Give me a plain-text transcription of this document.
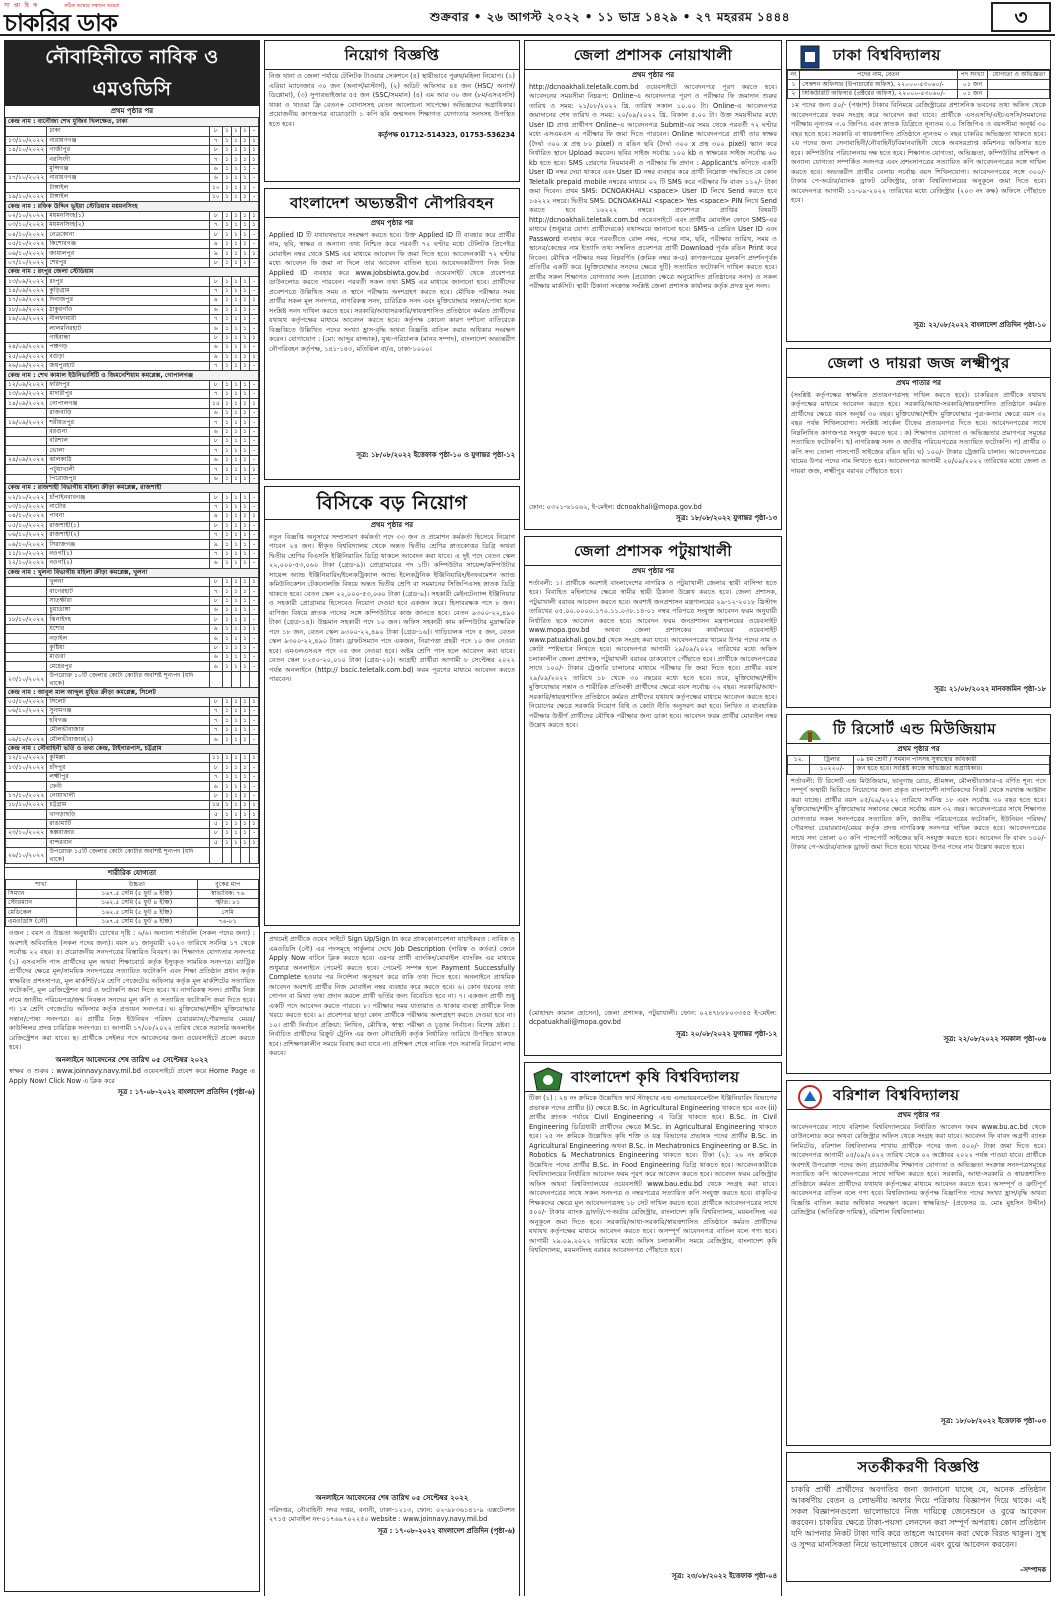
সা প্তা হি ক	সঠিক তথ্যের সন্ধানে আমরা
চাকরির ডাক	শুক্রবার • ২৬ আগস্ট ২০২২ • ১১ ভাদ্র ১৪২৯ • ২৭ মহররম ১৪৪৪	৩
নৌবাহিনীতে নাবিক ও এমওডিসি
প্রথম পৃষ্ঠার পর
কেন্দ্র নাম : বানৌজা শেখ মুজিব খিলক্ষেত, ঢাকা						
	ঢাকা	৮	১	১	১	-
১৩/১০/২০২২	নারায়ণগঞ্জ	৭	১	১	১	১
১৪/১০/২০২২	গাজীপুর	৮	১	১	১	১
	নরসিংদী	৭	১	১	১	১
	মুন্সিগঞ্জ	৬	১	১	১	-
১৭/১০/২০২২	নারায়ণগঞ্জ	৬	১	১	১	-
	টাঙ্গাইল	১০	১	১	১	-
১৯/১০/২০২২	টাঙ্গাইল	১০	১	১	১	-
কেন্দ্র নাম : রফিক উদ্দিন ভূইয়া স্টেডিয়াম ময়মনসিংহ						
০২/১০/২০২২	ময়মনসিংহ(১)	৮	১	১	১	১
০৩/১০/২০২২	ময়মনসিংহ(২)	৭	১	১	১	১
০৪/১০/২০২২	নেত্রকোনা	৮	১	১	১	-
০৫/১০/২০২২	কিশোরগঞ্জ	৯	১	১	১	-
০৬/১০/২০২২	জামালপুর	৯	১	১	১	১
০৭/১০/২০২২	শেরপুর	৮	১	১	১	-
কেন্দ্র নাম : রংপুর জেলা স্টেডিয়াম						
১৩/০৯/২০২২	রংপুর	৮	১	১	১	-
১৪/০৯/২০২২	কুড়িগ্রাম	৭	১	১	১	-
১৭/০৯/২০২২	দিনাজপুর	৯	১	১	১	১
১৮/০৯/২০২২	ঠাকুরগাঁও	৬	১	১	১	-
১৯/০৯/২০২২	নীলফামারী	৭	১	১	১	-
	লালমনিরহাট	৬	১	১	১	-
	গাইবান্ধা	৮	১	১	১	১
২৪/০৯/২০২২	পঞ্চগড়	৬	১	১	১	-
২৫/০৯/২০২২	বগুড়া	৯	১	১	১	১
২৬/০৯/২০২২	জয়পুরহাট	৭	১	১	১	-
কেন্দ্র নাম : শেখ কামাল ইউনিভার্সিটি ও জিমনেশিয়াম কমপ্লেক্স, গোপালগঞ্জ						
১২/০৯/২০২২	ফরিদপুর	৮	১	১	১	-
১৩/০৯/২০২২	মাদারীপুর	৭	১	১	১	-
১৪/০৯/২০২২	গোপালগঞ্জ	১৫	১	১	১	১
	রাজবাড়ি	৬	১	১	১	-
১৯/০৯/২০২২	শরীয়তপুর	৭	১	১	১	-
	বরগুনা	৬	১	১	১	-
	বরিশাল	৮	১	১	১	-
	ভোলা	৭	১	১	১	-
২৪/০৯/২০২২	ঝালকাঠি	৬	১	১	১	-
	পটুয়াখালী	৭	১	১	১	১
	পিরোজপুর	৬	১	১	১	-
কেন্দ্র নাম : রাজশাহী বিভাগীয় মহিলা ক্রীড়া কমপ্লেক্স, রাজশাহী						
০২/১০/২০২২	চাঁপাইনবাবগঞ্জ	৮	১	১	১	-
০৩/১০/২০২২	নাটোর	৭	১	১	১	-
০৪/১০/২০২২	পাবনা	৯	১	১	১	১
০৫/১০/২০২২	রাজশাহী(১)	৮	১	১	১	-
০৬/১০/২০২২	রাজশাহী(২)	৭	১	১	১	-
০৯/১০/২০২২	সিরাজগঞ্জ	৯	১	১	১	-
১১/১০/২০২২	নওগাঁ(১)	৭	১	১	১	-
১২/১০/২০২২	নওগাঁ(২)	৬	১	১	১	-
কেন্দ্র নাম : খুলনা বিভাগীয় মহিলা ক্রীড়া কমপ্লেক্স, খুলনা						
	খুলনা	৮	১	১	১	১
	বাগেরহাট	৭	১	১	১	-
	সাতক্ষীরা	৮	১	১	১	-
	চুয়াডাঙ্গা	৬	১	১	১	-
১৮/১০/২০২২	ঝিনাইদহ	৮	১	১	১	-
	যশোর	৯	১	১	১	১
	নড়াইল	৬	১	১	১	-
	কুষ্টিয়া	৮	১	১	১	-
	মাগুরা	৬	১	১	১	-
	মেহেরপুর	৬	১	১	১	-
২৩/১০/২০২২	উপরোক্ত ১০টি জেলার কোটা কোটার অবশিষ্ট শূন্যপদ (যদি থাকে)					
কেন্দ্র নাম : আবুল মাল আব্দুল মুহিত ক্রীড়া কমপ্লেক্স, সিলেট						
০৫/১০/২০২২	সিলেট	৮	১	১	১	১
০৬/১০/২০২২	সুনামগঞ্জ	৭	১	১	১	-
	হবিগঞ্জ	৭	১	১	১	-
	মৌলভীবাজার	৭	১	১	১	-
০৯/১০/২০২২	মৌলভীবাজার(২)	৬	১	১	১	-
কেন্দ্র নাম : নৌবাহিনী ভর্তি ও তথ্য কেন্দ্র, টাইগারপাস, চট্টগ্রাম						
১২/১০/২০২২	কুমিল্লা	১১	১	১	১	১
১৩/১০/২০২২	চাঁদপুর	৮	১	১	১	-
	লক্ষ্মীপুর	৭	১	১	১	-
	ফেনী	৬	১	১	১	-
১৭/১০/২০২২	নোয়াখালী	৮	১	১	১	-
১৮/১০/২০২২	চট্টগ্রাম	১৪	১	১	১	১
	খাগড়াছড়ি	৫	১	১	১	১
	রাঙামাটি	৫	১	১	১	১
২৩/১০/২০২২	কক্সবাজার	৮	১	১	১	-
	বান্দরবান	৫	১	১	১	১
২৬/১০/২০২২	উপরোক্ত ১৫টি জেলার কোটা কোটার অবশিষ্ট শূন্যপদ (যদি থাকে)					
শারীরিক যোগ্যতা
শাখা	উচ্চতা	বুকের মাপ
সিম্যান	১৬৭.৫ সেমি (৫ ফুট ৬ ইঞ্চি)	স্বাভাবিক: ৭৬
স্টোরম্যান	১৬২.৫ সেমি (৫ ফুট ৪ ইঞ্চি)	স্ফীত: ৮১
মেডিকেল	১৬২.৫ সেমি (৫ ফুট ৪ ইঞ্চি)	সেমি
এমওডিসি (নৌ)	১৬৭.৫ সেমি (৫ ফুট ৬ ইঞ্চি)	৭৬-৮১
ওজন : বয়স ও উচ্চতা অনুযায়ী। চোখের দৃষ্টি : ৬/৬। অন্যান্য শর্তাবলি (সকল পদের জন্য) : অবশ্যই অবিবাহিত (সকল পদের জন্য)। বয়স ০১ জানুয়ারী ২০২৩ তারিখে সর্বনিম্ন ১৭ থেকে সর্বোচ্চ ২২ বছর। ৫। প্রয়োজনীয় সনদপত্রের বিস্তারিত বিবরণ। ক। শিক্ষাগত যোগ্যতার সনদপত্র (১) এসএসসি পাস প্রার্থীদের মূল অথবা শিক্ষাবোর্ড কর্তৃক ইস্যুকৃত সাময়িক সনদপত্র। ম্যাট্রিক প্রার্থীদের ক্ষেত্রে মূল/সাময়িক সনদপত্রের সত্যায়িত ফটোকপি এবং শিক্ষা প্রতিষ্ঠান প্রধান কর্তৃক স্বাক্ষরিত প্রশংসাপত্র, মূল মার্কশিট/১ম শ্রেণি গেজেটেড অফিসার কর্তৃক মূল মার্কশিটের সত্যায়িত ফটোকপি, মূল রেজিস্ট্রেশন কার্ড ও ফটোকপি জমা দিতে হবে। খ। নাগরিকত্ব সনদ। প্রার্থীর নিজ নামে জাতীয় পরিচয়পত্র/জন্ম নিবন্ধন সনদের মূল কপি ও সত্যায়িত ফটোকপি জমা দিতে হবে। গ। ১ম শ্রেণি গেজেটেড অফিসার কর্তৃক প্রত্যয়ন সনদপত্র। ঘ। মুক্তিযোদ্ধা/শহীদ মুক্তিযোদ্ধার সন্তান/পোষ্য সনদপত্র। ঙ। প্রার্থীর নিজ ইউনিয়ন পরিষদ চেয়ারম্যান/পৌরসভার মেয়র/কাউন্সিলর প্রদত্ত চারিত্রিক সনদপত্র। চ। আগামী ১৭/০৮/২০২২ তারিখ থেকে সরাসরি অনলাইন রেজিস্ট্রেশন করা যাবে। ছ। প্রার্থীকে সেইলর পদে আবেদনের জন্য ওয়েবসাইটে প্রবেশ করতে হবে।
অনলাইনে আবেদনের শেষ তারিখ ০৫ সেপ্টেম্বর ২০২২
স্বাক্ষর ও শুরুর : www.joinnavy.navy.mil.bd ওয়েবসাইটে প্রবেশ করে Home Page এ Apply Now! Click Now এ ক্লিক করে
সূত্র : ১৭-০৮-২০২২ বাংলাদেশ প্রতিদিন (পৃষ্ঠা-৬)
নিয়োগ বিজ্ঞপ্তি
নিজ থানা ও জেলা পর্যায়ে টেলিটক টাওয়ার সেকশনে (৪) স্থায়ীভাবে পুরুষ/মহিলা নিয়োগ। (১) এরিয়া ম্যানেজার ৩০ জন (অনার্স/মাস্টার্স), (২) অডিট অফিসার ৪৫ জন (HSC/ অনার্স/ ডিপ্লোমা), (৩) সুপারভাইজার ৫৫ জন (SSC/সমমান) (৪) এম আর ৩০ জন (৮ম/এসএসসি) থাকা ও খাওয়া ফ্রি বেতন+ বোনাসসহ বেতন আলোচনা সাপেক্ষে। অভিজ্ঞদের অগ্রাধিকার। প্রয়োজনীয় কাগজপত্র বায়োডাটা ১ কপি ছবি জন্মসনদ শিক্ষাগত যোগ্যতার সনদসহ উপস্থিত হতে হবে।
কর্তৃপক্ষ 01712-514323, 01753-536234
বাংলাদেশ অভ্যন্তরীণ নৌপরিবহন
প্রথম পৃষ্ঠার পর
Applied ID টি যথাযথভাবে সংরক্ষণ করতে হবে। উক্ত Applied ID টি ব্যবহার করে প্রার্থীর নাম, ছবি, স্বাক্ষর ও অন্যান্য তথ্য নিশ্চিত করে পরবর্তী ৭২ ঘণ্টার মধ্যে টেলিটক প্রিপেইড মোবাইল নম্বর থেকে SMS এর মাধ্যমে আবেদন ফি জমা দিতে হবে। আবেদনকারী ৭২ ঘণ্টার মধ্যে আবেদন ফি জমা না দিলে তার আবেদন বাতিল হবে। আবেদনকারীগণ নিজ নিজ Applied ID ব্যবহার করে www.jobsbiwta.gov.bd ওয়েবসাইট থেকে প্রবেশপত্র ডাউনলোড করতে পারবেন। পরবর্তী সকল তথ্য SMS এর মাধ্যমে জানানো হবে। প্রার্থীদের প্রবেশপত্রে উল্লিখিত সময় ও স্থানে পরীক্ষায় অংশগ্রহণ করতে হবে। মৌখিক পরীক্ষার সময় প্রার্থীর সকল মূল সনদপত্র, নাগরিকত্ব সনদ, চারিত্রিক সনদ এবং মুক্তিযোদ্ধার সন্তান/পোষ্য হলে সংশ্লিষ্ট সনদ দাখিল করতে হবে। সরকারি/আধাসরকারি/স্বায়ত্তশাসিত প্রতিষ্ঠানে কর্মরত প্রার্থীদের যথাযথ কর্তৃপক্ষের মাধ্যমে আবেদন করতে হবে। কর্তৃপক্ষ কোনো কারণ দর্শানো ব্যতিরেকে বিজ্ঞপ্তিতে উল্লিখিত পদের সংখ্যা হ্রাস-বৃদ্ধি অথবা বিজ্ঞপ্তি বাতিল করার অধিকার সংরক্ষণ করেন। যোগাযোগ : (মো: আব্দুর রাজ্জাক), যুগ্ম-পরিচালক (মানব সম্পদ), বাংলাদেশ অভ্যন্তরীণ নৌপরিবহন কর্তৃপক্ষ, ১৪১-১৪৩, মতিঝিল বা/এ, ঢাকা-১০০০।
সূত্র: ১৮/০৮/২০২২ ইত্তেফাক পৃষ্ঠা-১০ ও যুগান্তর পৃষ্ঠা-১২
বিসিকে বড় নিয়োগ
প্রথম পৃষ্ঠার পর
নতুন বিজ্ঞপ্তি অনুসারে সম্প্রসারণ কর্মকর্তা পদে ৩৩ জন ও প্রমোশন কর্মকর্তা হিসেবে নিয়োগ পাবেন ২৪ জন। স্বীকৃত বিশ্ববিদ্যালয় থেকে অন্তত দ্বিতীয় শ্রেণির স্নাতকোত্তর ডিগ্রি অথবা দ্বিতীয় শ্রেণির বিএসসি ইঞ্জিনিয়ারিং ডিগ্রি থাকলে আবেদন করা যাবে। এ দুই পদে বেতন স্কেল ২২,০০০-৫৩,০৬০ টাকা (গ্রেড-৯)। প্রোগ্রামারের পদ ১টি। কম্পিউটার সায়েন্স/কম্পিউটার সায়েন্স অ্যান্ড ইঞ্জিনিয়ারিং/ইলেকট্রিক্যাল অ্যান্ড ইলেকট্রনিক ইঞ্জিনিয়ারিং/ইনফরমেশন অ্যান্ড কমিউনিকেশন টেকনোলজি বিষয়ে অন্তত দ্বিতীয় শ্রেণি বা সমমানের সিজিপিএসহ স্নাতক ডিগ্রি থাকতে হবে। বেতন স্কেল ২২,০০০-৫৩,০৬০ টাকা (গ্রেড-৯)। সহকারী মেইনটেন্যান্স ইঞ্জিনিয়ার ও সহকারী প্রোগ্রামার হিসেবেও নিয়োগ দেওয়া হবে একজন করে। হিসাবরক্ষক পদে ৮ জন। বাণিজ্য বিষয়ে স্নাতক পাসের সঙ্গে কম্পিউটারে কাজ জানতে হবে। বেতন ৯৩০০-২২,৪৯০ টাকা (গ্রেড-১৪)। উচ্চমান সহকারী পদে ১০ জন। অফিস সহকারী কাম কম্পিউটার মুদ্রাক্ষরিক পদে ১৮ জন, বেতন স্কেল ৯৩০০-২২,৪৯০ টাকা (গ্রেড-১৬)। গাড়িচালক পদে ৫ জন, বেতন স্কেল ৯৩০০-২২,৪৯০ টাকা। ড্রাফটসম্যান পদে একজন, নিরাপত্তা প্রহরী পদে ১০ জন নেওয়া হবে। এমএলএসএস পদে ৩৫ জন নেওয়া হবে। অষ্টম শ্রেণি পাস হলে আবেদন করা যাবে। বেতন স্কেল ৮২৫০-২০,০১০ টাকা (গ্রেড-২০)। আগ্রহী প্রার্থীরা আগামী ৮ সেপ্টেম্বর ২০২২ পর্যন্ত অনলাইনে (http:// bscic.teletalk.com.bd) ফরম পূরণের মাধ্যমে আবেদন করতে পারবেন।
প্রথমেই প্রার্থীকে ওয়েব সাইটে Sign Up/Sign In করে প্রাককোনাবেশনা যাচাইকরত : নাবিক ও এমওডিসি (নৌ) এর পদসমূহে সার্কুলার দেখে Job Description (দায়িত্ব ও কর্তব্য) জেনে Apply Now বাটনে ক্লিক করতে হবে। এরপর প্রার্থী ব্যাংকিং/মোবাইল ব্যাংকিং এর মাধ্যমে শুধুমাত্র অনলাইনে পেমেন্ট করতে হবে। পেমেন্ট সম্পন্ন হলে Payment Successfully Complete হওয়ার পর নির্দেশনা অনুসরণ করে বাকি তথ্য দিতে হবে। অনলাইনে প্রাথমিক আবেদন অবশ্যই প্রার্থীর নিজ মোবাইল নম্বর ব্যবহার করে করতে হবে। ৬। কোন ধরনের তথ্য গোপন বা মিথ্যা তথ্য প্রদান করলে প্রার্থী ভর্তির জন্য বিবেচিত হবে না। ৭। একজন প্রার্থী শুধু একটি পদে আবেদন করতে পারবে। ৮। পরীক্ষার সময় যাতায়াত ও থাকার ব্যবস্থা প্রার্থীকে নিজ খরচে করতে হবে। ৯। প্রবেশপত্র ছাড়া কোন প্রার্থীকে পরীক্ষায় অংশগ্রহণ করতে দেওয়া হবে না। ১০। প্রার্থী নির্বাচন প্রক্রিয়া: লিখিত, মৌখিক, স্বাস্থ্য পরীক্ষা ও চূড়ান্ত নির্বাচন। বিশেষ দ্রষ্টব্য : নির্বাচিত প্রার্থীদের রিক্রুট ট্রেনিং এর জন্য নৌবাহিনী কর্তৃক নির্ধারিত তারিখে উপস্থিত থাকতে হবে। প্রশিক্ষণকালীন সময়ে বিবাহ করা যাবে না। প্রশিক্ষণ শেষে নাবিক পদে সরাসরি নিয়োগ লাভ করবে।
অনলাইনে আবেদনের শেষ তারিখ ০৫ সেপ্টেম্বর ২০২২
পরিদপ্তর, নৌবাহিনী সদর দপ্তর, বনানী, ঢাকা-১২১৩, ফোন: ০২-৯৮৩৬১৪১-৯ এক্সটেনশন ২৭১৫ মোবাইল নং-০১৭৬৯৭০২২৫০ website : www.joinnavy.navy.mil.bd
সূত্র : ১৭-০৮-২০২২ বাংলাদেশ প্রতিদিন (পৃষ্ঠা-৬)
জেলা প্রশাসক নোয়াখালী
প্রথম পৃষ্ঠার পর
http://dcnoakhali.teletalk.com.bd ওয়েবসাইটে আবেদনপত্র পূরণ করতে হবে। আবেদনের সময়সীমা নিম্নরূপ: Online-এ আবেদনপত্র পূরণ ও পরীক্ষার ফি জমাদান শুরুর তারিখ ও সময়: ২১/০৮/২০২২ খ্রি. তারিখ সকাল ১০.০০ টা। Online-এ আবেদনপত্র জমাদানের শেষ তারিখ ও সময়: ২০/০৯/২০২২ খ্রি. বিকাল ৫.০০ টা। উক্ত সময়সীমার মধ্যে User ID প্রাপ্ত প্রার্থীগণ Online-এ আবেদনপত্র Submit-এর সময় থেকে পরবর্তী ৭২ ঘণ্টার মধ্যে এসএমএস এ পরীক্ষার ফি জমা দিতে পারবেন। Online আবেদনপত্রে প্রার্থী তার স্বাক্ষর (দৈর্ঘ্য ৩০০ x প্রস্থ ৮০ pixel) ও রঙিন ছবি (দৈর্ঘ্য ৩০০ x প্রস্থ ৩০০ pixel) স্ক্যান করে নির্ধারিত স্থানে Upload করবেন। ছবির সাইজ সর্বোচ্চ ১০০ kb ও স্বাক্ষরের সাইজ সর্বোচ্চ ৬০ kb হতে হবে। SMS প্রেরণের নিয়মাবলী ও পরীক্ষার ফি প্রদান : Applicant's কপিতে একটি User ID নম্বর দেয়া থাকবে এবং User ID নম্বর ব্যবহার করে প্রার্থী নিম্নোক্ত পদ্ধতিতে যে কোন Teletalk prepaid mobile নম্বরের মাধ্যমে ০২ টি SMS করে পরীক্ষার ফি বাবদ ১১২/- টাকা জমা দিবেন। প্রথম SMS: DCNOAKHALI <space> User ID লিখে Send করতে হবে ১৬২২২ নম্বরে। দ্বিতীয় SMS: DCNOAKHALI <space> Yes <space> PIN লিখে Send করতে হবে ১৬২২২ নম্বরে। প্রবেশপত্র প্রাপ্তির বিষয়টি http://dcnoakhali.teletalk.com.bd ওয়েবসাইটে এবং প্রার্থীর মোবাইল ফোনে SMS-এর মাধ্যমে (শুধুমাত্র যোগ্য প্রার্থীদেরকে) যথাসময়ে জানানো হবে। SMS-এ প্রেরিত User ID এবং Password ব্যবহার করে পরবর্তীতে রোল নম্বর, পদের নাম, ছবি, পরীক্ষার তারিখ, সময় ও স্থানের/কেন্দ্রের নাম ইত্যাদি তথ্য সম্বলিত প্রবেশপত্র প্রার্থী Download পূর্বক রঙিন Print করে নিবেন। মৌখিক পরীক্ষার সময় নিম্নবর্ণিত (ক্রমিক নম্বর ক-ড) কাগজপত্রের মূলকপি প্রদর্শনপূর্বক প্রতিটির একটি করে (মুক্তিযোদ্ধার সনদের ক্ষেত্রে দুটি) সত্যায়িত ফটোকপি দাখিল করতে হবে। প্রার্থীর সকল শিক্ষাগত যোগ্যতার সনদ (প্রযোজ্য ক্ষেত্রে অনুমোদিত প্রতিষ্ঠানের সনদ) ও সকল পরীক্ষার মার্কসিট। স্থায়ী ঠিকানা সংক্রান্ত সংশ্লিষ্ট জেলা প্রশাসক কার্যালয় কর্তৃক প্রদত্ত মূল সনদ।
ফোন: ০৩২১-৬১০৬২, ই-মেইল: dcnoakhali@mopa.gov.bd
সূত্র: ১৮/০৮/২০২২ যুগান্তর পৃষ্ঠা-১৩
জেলা প্রশাসক পটুয়াখালী
প্রথম পৃষ্ঠার পর
শর্তাবলী: ১। প্রার্থীকে অবশ্যই বাংলাদেশের নাগরিক ও পটুয়াখালী জেলার স্থায়ী বাসিন্দা হতে হবে। বিবাহিত মহিলাদের ক্ষেত্রে স্বামীর স্থায়ী ঠিকানা উল্লেখ করতে হবে। জেলা প্রশাসক, পটুয়াখালী বরাবর আবেদন করতে হবে। অবশ্যই জনপ্রশাসন মন্ত্রণালয়ের ২৯-১২-২০১৮ খ্রিস্টাব্দ তারিখের ০৫.০০.০০০০.১৭০.১১.০৩৮.১৪-০১ নম্বর পরিপত্রে সংযুক্ত আবেদন ফরম অনুযায়ী নির্ধারিত ছকে আবেদন করতে হবে। আবেদন ফরম জনপ্রশাসন মন্ত্রণালয়ের ওয়েবসাইট www.mopa.gov.bd অথবা জেলা প্রশাসকের কার্যালয়ের ওয়েবসাইট www.patuakhali.gov.bd থেকে সংগ্রহ করা যাবে। আবেদনপত্রের খামের উপর পদের নাম ও কোটা স্পষ্টভাবে লিখতে হবে। আবেদনপত্র আগামী ২৯/০৯/২০২২ তারিখের মধ্যে অফিস চলাকালীন জেলা প্রশাসক, পটুয়াখালী বরাবর ডাকযোগে পৌঁছাতে হবে। প্রার্থীকে আবেদনপত্রের সাথে ১০০/- টাকার ট্রেজারি চালানের মাধ্যমে পরীক্ষার ফি জমা দিতে হবে। প্রার্থীর বয়স ২৯/০৯/২০২২ তারিখে ১৮ থেকে ৩০ বছরের মধ্যে হতে হবে। তবে, মুক্তিযোদ্ধা/শহীদ মুক্তিযোদ্ধার সন্তান ও শারীরিক প্রতিবন্ধী প্রার্থীদের ক্ষেত্রে বয়স সর্বোচ্চ ৩২ বছর। সরকারি/আধা-সরকারি/স্বায়ত্তশাসিত প্রতিষ্ঠানে কর্মরত প্রার্থীদের যথাযথ কর্তৃপক্ষের মাধ্যমে আবেদন করতে হবে। নিয়োগের ক্ষেত্রে সরকারি নিয়োগ বিধি ও কোটা নীতি অনুসরণ করা হবে। লিখিত ও ব্যবহারিক পরীক্ষার উত্তীর্ণ প্রার্থীদের মৌখিক পরীক্ষার জন্য ডাকা হবে। আবেদন ফরম প্রার্থীর মোবাইল নম্বর উল্লেখ করতে হবে।
(মোহাম্মদ কামাল হোসেন), জেলা প্রশাসক, পটুয়াখালী। ফোন: ০২৪৭৮৮৮০৩৩৫৫ ই-মেইল: dcpatuakhali@mopa.gov.bd
সূত্র: ২০/০৮/২০২২ যুগান্তর পৃষ্ঠা-১২
বাংলাদেশ কৃষি বিশ্ববিদ্যালয়
টিকা (১) : ২৪ নং ক্রমিকে উল্লেখিত ফার্ম স্টাক্চার এন্ড এনভায়রনমেন্টাল ইঞ্জিনিয়ারিং বিভাগের প্রভাষক পদের প্রার্থীর (i) ক্ষেত্রে B.Sc. in Agricultural Engineering থাকতে হবে এবং (ii) প্রার্থীর স্নাতক পর্যায়ে Civil Engineering এ ডিগ্রি থাকতে হবে। B.Sc. in Civil Engineering ডিগ্রিধারী প্রার্থীদের ক্ষেত্রে M.Sc. in Agricultural Engineering থাকতে হবে। ২৫ নং ক্রমিকে উল্লেখিত কৃষি শক্তি ও যন্ত্র বিভাগের প্রভাষক পদের প্রার্থীর B.Sc. in Agricultural Engineering অথবা B.Sc. in Mechatronics Engineering or B.Sc. in Robotics & Mechatronics Engineering থাকতে হবে। টিকা (২): ২৬ নং ক্রমিকে উল্লেখিত পদের প্রার্থীর B.Sc. in Food Engineering ডিগ্রি থাকতে হবে। আবেদনকারীকে বিশ্ববিদ্যালয়ের নির্ধারিত আবেদন ফরম পূরণ করে আবেদন করতে হবে। আবেদন ফরম রেজিস্ট্রার অফিস অথবা বিশ্ববিদ্যালয়ের ওয়েবসাইট www.bau.edu.bd থেকে সংগ্রহ করা যাবে। আবেদনপত্রের সাথে সকল সনদপত্র ও নম্বরপত্রের সত্যায়িত কপি সংযুক্ত করতে হবে। বাকৃবি-র শিক্ষকদের ক্ষেত্রে মূল আবেদনপত্রসহ ১৮ সেট দাখিল করতে হবে। প্রার্থীকে আবেদনপত্রের সাথে ৫০০/- টাকার ব্যাংক ড্রাফট/পে-অর্ডার রেজিস্ট্রার, বাংলাদেশ কৃষি বিশ্ববিদ্যালয়, ময়মনসিংহ এর অনুকূলে জমা দিতে হবে। সরকারি/আধা-সরকারি/স্বায়ত্তশাসিত প্রতিষ্ঠানে কর্মরত প্রার্থীদের যথাযথ কর্তৃপক্ষের মাধ্যমে আবেদন করতে হবে। অসম্পূর্ণ আবেদনপত্র বাতিল বলে গণ্য হবে। আগামী ২৯.০৯.২০২২ তারিখের মধ্যে অফিস চলাকালীন সময়ে রেজিস্ট্রার, বাংলাদেশ কৃষি বিশ্ববিদ্যালয়, ময়মনসিংহ বরাবর আবেদনপত্র পৌঁছাতে হবে।
সূত্র: ২৩/০৮/২০২২ ইত্তেফাক পৃষ্ঠা-০৪
ঢাকা বিশ্ববিদ্যালয়
নং	পদের নাম, বেতন	পদ সংখ্যা	যোগ্যতা ও অভিজ্ঞতা
১	সেকশন অফিসার (উপাচার্যের অফিস), ২২০০০-৫৩০৬০/-	০১ জন	
২	সিকিউরিটি অফিসার (প্রক্টরের অফিস), ২২০০০-৫৩০৬০/-	০১ জন	
১ম পদের জন্য ৫০/- (পঞ্চাশ) টাকার বিনিময়ে রেজিস্ট্রারের প্রশাসনিক ভবনের তথ্য অফিস থেকে আবেদনপত্রের ফরম সংগ্রহ করে আবেদন করা যাবে। প্রার্থীকে এসএসসি/এইচএসসি/সমমানের পরীক্ষায় নূন্যতম ৩.০ জিপিএ এবং স্নাতক ডিগ্রিতে নূন্যতম ৩.০ সিজিপিএ ও বয়সসীমা অনূর্ধ্ব ৩০ বছর হতে হবে। সরকারি বা স্বায়ত্তশাসিত প্রতিষ্ঠানে ন্যূনতম ৩ বছর চাকরির অভিজ্ঞতা থাকতে হবে। ২য় পদের জন্য সেনাবাহিনী/নৌবাহিনী/বিমানবাহিনী থেকে অবসরপ্রাপ্ত কমিশনড অফিসার হতে হবে। কম্পিউটার পরিচালনায় দক্ষ হতে হবে। শিক্ষাগত যোগ্যতা, অভিজ্ঞতা, কম্পিউটার প্রশিক্ষণ ও অন্যান্য যোগ্যতা সম্পর্কিত সনদপত্র এবং প্রশংসাপত্রের সত্যায়িত কপি আবেদনপত্রের সঙ্গে দাখিল করতে হবে। অভ্যন্তরীণ প্রার্থীর বেলায় সর্বোচ্চ বয়স শিথিলযোগ্য। আবেদনপত্রের সঙ্গে ৩০০/- টাকার পে-অর্ডার/ব্যাংক ড্রাফট রেজিস্ট্রার, ঢাকা বিশ্ববিদ্যালয়ের অনুকূলে জমা দিতে হবে। আবেদনপত্র আগামী ১১-০৯-২০২২ তারিখের মধ্যে রেজিস্ট্রার (২০৩ নং কক্ষ) অফিসে পৌঁছাতে হবে।
সূত্র: ২২/০৮/২০২২ বাংলাদেশ প্রতিদিন পৃষ্ঠা-১০
জেলা ও দায়রা জজ লক্ষ্মীপুর
প্রথম পাতার পর
(সংশ্লিষ্ট কর্তৃপক্ষের স্বাক্ষরিত প্রত্যয়নপত্রসহ দাখিল করতে হবে)। চাকরিরত প্রার্থীকে যথাযথ কর্তৃপক্ষের মাধ্যমে আবেদন করতে হবে। সরকারি/আধা-সরকারি/স্বায়ত্তশাসিত প্রতিষ্ঠানে কর্মরত প্রার্থীদের ক্ষেত্রে বয়স অনূর্ধ্ব ৩০ বছর। মুক্তিযোদ্ধা/শহীদ মুক্তিযোদ্ধার পুত্র-কন্যার ক্ষেত্রে বয়স ৩২ বছর পর্যন্ত শিথিলযোগ্য। সংশ্লিষ্ট সার্কেল চীফের প্রত্যয়নপত্র দিতে হবে। আবেদনপত্রের সাথে নিম্নলিখিত কাগজপত্র সংযুক্ত করতে হবে : ক) শিক্ষাগত যোগ্যতা ও অভিজ্ঞতার প্রমাণপত্র সমূহের সত্যায়িত ফটোকপি। খ) নাগরিকত্ব সনদ ও জাতীয় পরিচয়পত্রের সত্যায়িত ফটোকপি। গ) প্রার্থীর ৩ কপি সদ্য তোলা পাসপোর্ট সাইজের রঙিন ছবি। ঘ) ১০০/- টাকার ট্রেজারি চালান। আবেদনপত্রের খামের উপর পদের নাম লিখতে হবে। আবেদনপত্র আগামী ২০/০৯/২০২২ তারিখের মধ্যে জেলা ও দায়রা জজ, লক্ষ্মীপুর বরাবর পৌঁছাতে হবে।
সূত্র: ২১/০৮/২০২২ মানবজমিন পৃষ্ঠা-১৮
টি রিসোর্ট এন্ড মিউজিয়াম
প্রথম পৃষ্ঠার পর
১২.	ট্রিলার	০৯ চম শ্রেণী / সমমান পাসসহ সুস্বাস্থ্যের অধিকারী
	১০২২০/-	জন হতে হবে। সংশ্লিষ্ট কাজে অভিজ্ঞতা অগ্রাধিকার।
শর্তাবলী: টি রিসোর্ট এন্ড মিউজিয়াম, ভানুগাছ রোড, শ্রীমঙ্গল, মৌলভীবাজার-এ বর্ণিত শূন্য পদে সম্পূর্ণ অস্থায়ী ভিত্তিতে নিয়োগের জন্য প্রকৃত বাংলাদেশী নাগরিকদের নিকট থেকে দরখাস্ত আহ্বান করা যাচ্ছে। প্রার্থীর বয়স ০৫/০৯/২০২২ তারিখে সর্বনিম্ন ১৮ এবং সর্বোচ্চ ৩০ বছর হতে হবে। মুক্তিযোদ্ধা/শহীদ মুক্তিযোদ্ধার সন্তানের ক্ষেত্রে সর্বোচ্চ বয়স ৩২ বছর। আবেদনপত্রের সাথে শিক্ষাগত যোগ্যতার সকল সনদপত্রের সত্যায়িত কপি, জাতীয় পরিচয়পত্রের ফটোকপি, ইউনিয়ন পরিষদ/পৌরসভা চেয়ারম্যান/মেয়র কর্তৃক প্রদত্ত নাগরিকত্ব সনদপত্র দাখিল করতে হবে। আবেদনপত্রের সাথে সদ্য তোলা ০৩ কপি পাসপোর্ট সাইজের ছবি সংযুক্ত করতে হবে। আবেদন ফি বাবদ ১০০/- টাকার পে-অর্ডার/ব্যাংক ড্রাফট জমা দিতে হবে। খামের উপর পদের নাম উল্লেখ করতে হবে।
সূত্র: ২২/০৮/২০২২ সমকাল পৃষ্ঠা-০৬
বরিশাল বিশ্ববিদ্যালয়
প্রথম পৃষ্ঠার পর
আবেদনপত্রের সাথে বরিশাল বিশ্ববিদ্যালয়ের নির্ধারিত আবেদন ফরম www.bu.ac.bd থেকে ডাউনলোড করে অথবা রেজিস্ট্রার অফিস থেকে সংগ্রহ করা যাবে। আবেদন ফি বাবদ অগ্রণী ব্যাংক লিমিটেড, বরিশাল বিশ্ববিদ্যালয় শাখায় প্রার্থীকে পদের জন্য ৫০০/- টাকা জমা দিতে হবে। আবেদনপত্র আগামী ০৫/০৯/২০২২ তারিখ থেকে ০২ অক্টোবর ২০২২ পর্যন্ত পাওয়া যাবে। প্রার্থীকে অবশ্যই উপরোক্ত পদের জন্য প্রয়োজনীয় শিক্ষাগত যোগ্যতা ও অভিজ্ঞতা সংক্রান্ত সনদপত্রসমূহের সত্যায়িত কপি আবেদনপত্রের সাথে দাখিল করতে হবে। সরকারি, আধা-সরকারি ও স্বায়ত্তশাসিত প্রতিষ্ঠানে কর্মরত প্রার্থীদের যথাযথ কর্তৃপক্ষের মাধ্যমে আবেদন করতে হবে। অসম্পূর্ণ ও ত্রুটিপূর্ণ আবেদনপত্র বাতিল বলে গণ্য হবে। বিশ্ববিদ্যালয় কর্তৃপক্ষ বিজ্ঞাপিত পদের সংখ্যা হ্রাস/বৃদ্ধি অথবা বিজ্ঞপ্তি বাতিল করার অধিকার সংরক্ষণ করেন। স্বাক্ষরিত/- (প্রফেসর ড. মোঃ মুহসিন উদ্দীন) রেজিস্ট্রার (অতিরিক্ত দায়িত্ব), বরিশাল বিশ্ববিদ্যালয়।
সূত্র: ১৮/০৮/২০২২ ইত্তেফাক পৃষ্ঠা-০৩
সতর্কীকরণী বিজ্ঞপ্তি
চাকরি প্রার্থী প্রার্থীদের অবগতির জন্য জানানো যাচ্ছে যে, অনেক প্রতিষ্ঠান আকর্ষণীয় বেতন ও লোভনীয় অফার দিয়ে পত্রিকায় বিজ্ঞাপন দিয়ে থাকে। এই সকল বিজ্ঞাপনগুলো ভালোভাবে নিজ দায়িত্বে জেনেশুনে ও বুঝে আবেদন করবেন। চাকরির ক্ষেত্রে টাকা-পয়সা লেনদেন করা সম্পূর্ণ অপরাধ। কোন প্রতিষ্ঠান যদি আপনার নিকট টাকা দাবি করে তাহলে আবেদন করা থেকে বিরত থাকুন। সুস্থ ও সুন্দর মানসিকতা নিয়ে ভালোভাবে জেনে এবং বুঝে আবেদন করবেন।
–সম্পাদক
